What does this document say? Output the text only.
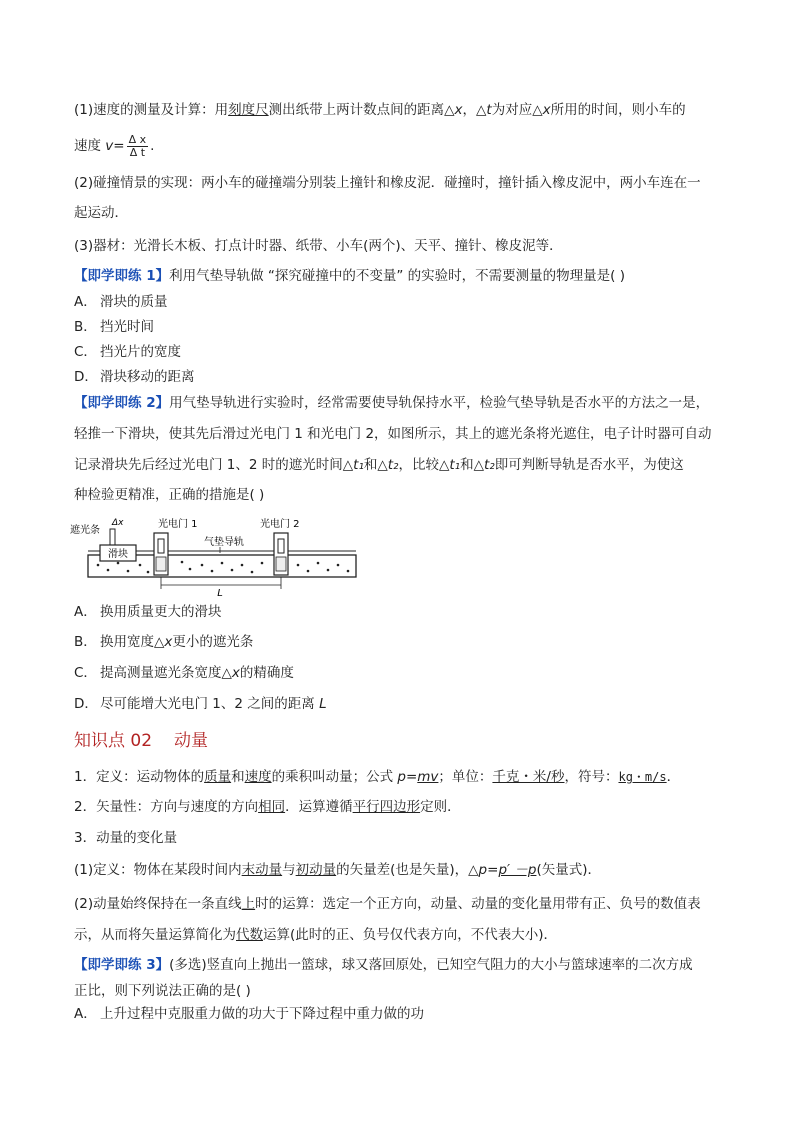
(1)速度的测量及计算：用刻度尺测出纸带上两计数点间的距离△x，△t为对应△x所用的时间，则小车的
速度 $v= \frac{\text{Δ x}}{\text{Δ t}}$ .
(2)碰撞情景的实现：两小车的碰撞端分别装上撞针和橡皮泥．碰撞时，撞针插入橡皮泥中，两小车连在一
起运动．
(3)器材：光滑长木板、打点计时器、纸带、小车(两个)、天平、撞针、橡皮泥等．
【即学即练 1】利用气垫导轨做 “探究碰撞中的不变量” 的实验时，不需要测量的物理量是( )
A． 滑块的质量
B． 挡光时间
C． 挡光片的宽度
D． 滑块移动的距离
【即学即练 2】用气垫导轨进行实验时，经常需要使导轨保持水平，检验气垫导轨是否水平的方法之一是，
轻推一下滑块，使其先后滑过光电门 1 和光电门 2，如图所示，其上的遮光条将光遮住，电子计时器可自动
记录滑块先后经过光电门 1、2 时的遮光时间△t₁和△t₂，比较△t₁和△t₂即可判断导轨是否水平，为使这
种检验更精准，正确的措施是( )
滑块
遮光条
Δx	光电门 1	光电门 2
气垫导轨
L
A． 换用质量更大的滑块
B． 换用宽度△x更小的遮光条
C． 提高测量遮光条宽度△x的精确度
D． 尽可能增大光电门 1、2 之间的距离 L
知识点 02 动量
1．定义：运动物体的质量和速度的乘积叫动量；公式 p=mv；单位：千克・米/秒，符号：kg・m/s．
2．矢量性：方向与速度的方向相同．运算遵循平行四边形定则．
3．动量的变化量
(1)定义：物体在某段时间内末动量与初动量的矢量差(也是矢量)，△p=p′ －p(矢量式)．
(2)动量始终保持在一条直线上时的运算：选定一个正方向，动量、动量的变化量用带有正、负号的数值表
示，从而将矢量运算简化为代数运算(此时的正、负号仅代表方向，不代表大小)．
【即学即练 3】(多选)竖直向上抛出一篮球，球又落回原处，已知空气阻力的大小与篮球速率的二次方成
正比，则下列说法正确的是( )
A． 上升过程中克服重力做的功大于下降过程中重力做的功
